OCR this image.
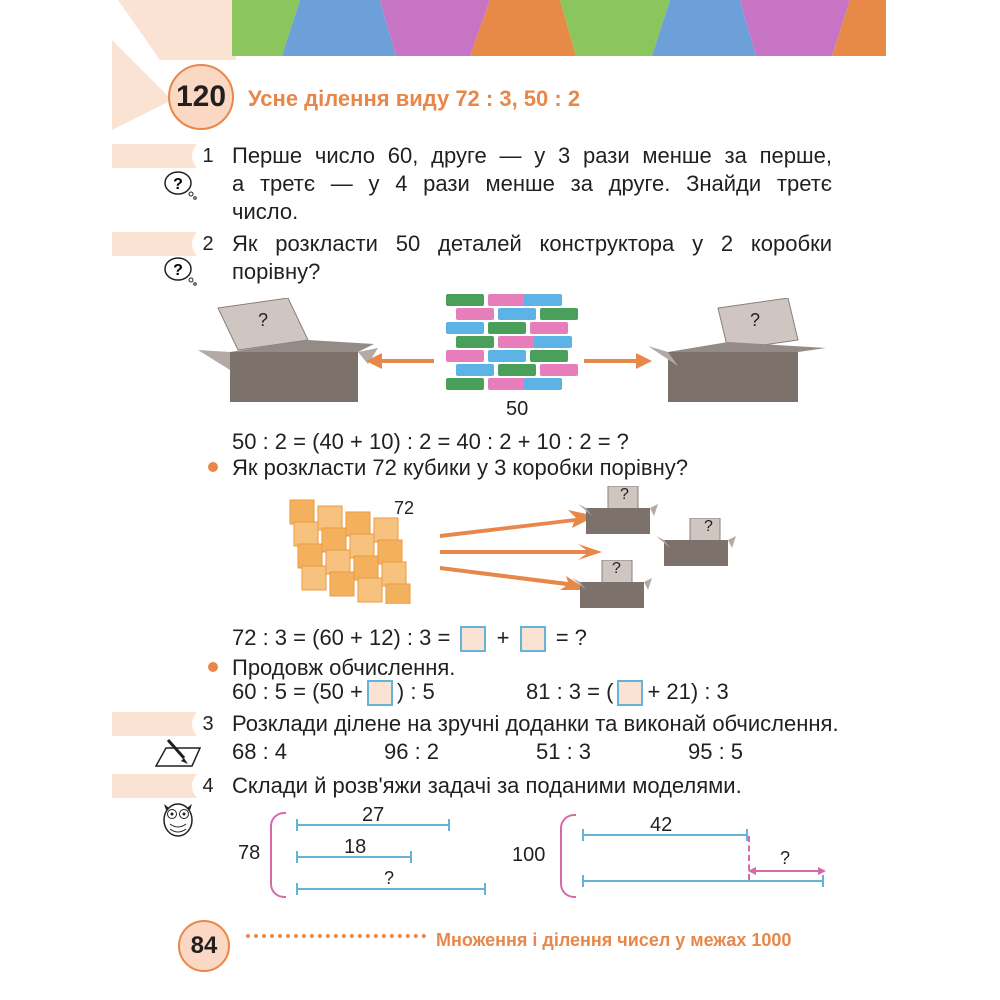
120 Усне ділення виду 72 : 3, 50 : 2
1
?
Перше число 60, друге — у 3 рази менше за перше,
а третє — у 4 рази менше за друге. Знайди третє
число.
2
?
Як розкласти 50 деталей конструктора у 2 коробки
порівну?
?	?
50
50 : 2 = (40 + 10) : 2 = 40 : 2 + 10 : 2 = ?
Як розкласти 72 кубики у 3 коробки порівну?
72
?
?
?
72 : 3 = (60 + 12) : 3 = + = ?
Продовж обчислення.
60 : 5 = (50 + ) : 5	81 : 3 = ( + 21) : 3
3 Розклади ділене на зручні доданки та виконай обчислення.
68 : 4	96 : 2	51 : 3	95 : 5
4 Склади й розв'яжи задачі за поданими моделями.
78
27
18
?
100
42
?
84	Множення і ділення чисел у межах 1000
